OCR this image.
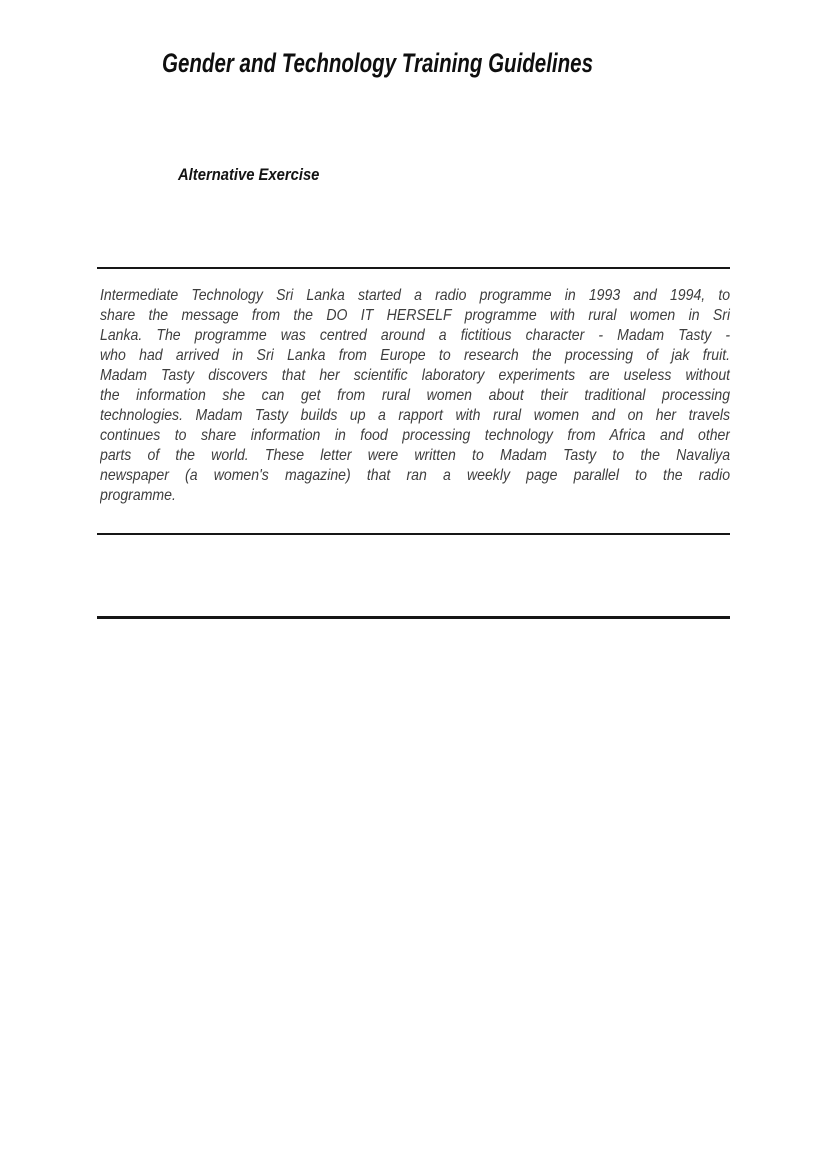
Gender and Technology Training Guidelines
Alternative Exercise
Intermediate Technology Sri Lanka started a radio programme in 1993 and 1994, to
share the message from the DO IT HERSELF programme with rural women in Sri
Lanka. The programme was centred around a fictitious character - Madam Tasty -
who had arrived in Sri Lanka from Europe to research the processing of jak fruit.
Madam Tasty discovers that her scientific laboratory experiments are useless without
the information she can get from rural women about their traditional processing
technologies. Madam Tasty builds up a rapport with rural women and on her travels
continues to share information in food processing technology from Africa and other
parts of the world. These letter were written to Madam Tasty to the Navaliya
newspaper (a women's magazine) that ran a weekly page parallel to the radio
programme.
